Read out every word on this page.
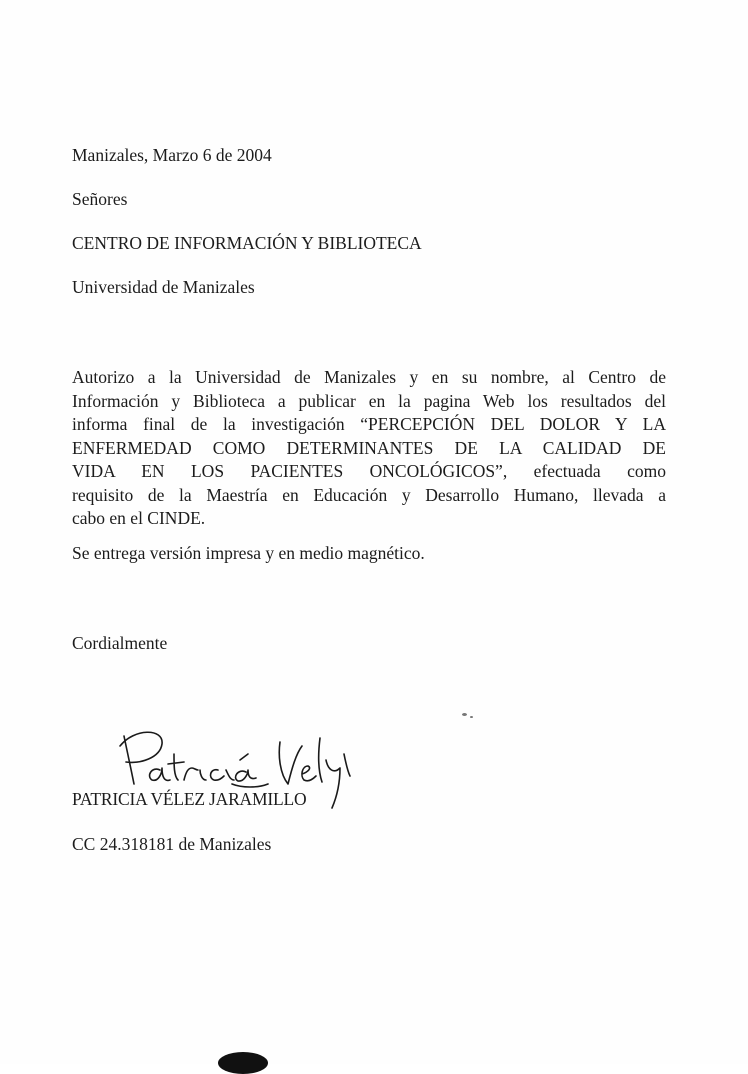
Manizales, Marzo 6 de 2004
Señores
CENTRO DE INFORMACIÓN Y BIBLIOTECA
Universidad de Manizales
Autorizo a la Universidad de Manizales y en su nombre, al Centro de
Información y Biblioteca a publicar en la pagina Web los resultados del
informa final de la investigación “PERCEPCIÓN DEL DOLOR Y LA
ENFERMEDAD COMO DETERMINANTES DE LA CALIDAD DE
VIDA EN LOS PACIENTES ONCOLÓGICOS”, efectuada como
requisito de la Maestría en Educación y Desarrollo Humano, llevada a
cabo en el CINDE.
Se entrega versión impresa y en medio magnético.
Cordialmente
PATRICIA VÉLEZ JARAMILLO
CC 24.318181 de Manizales
